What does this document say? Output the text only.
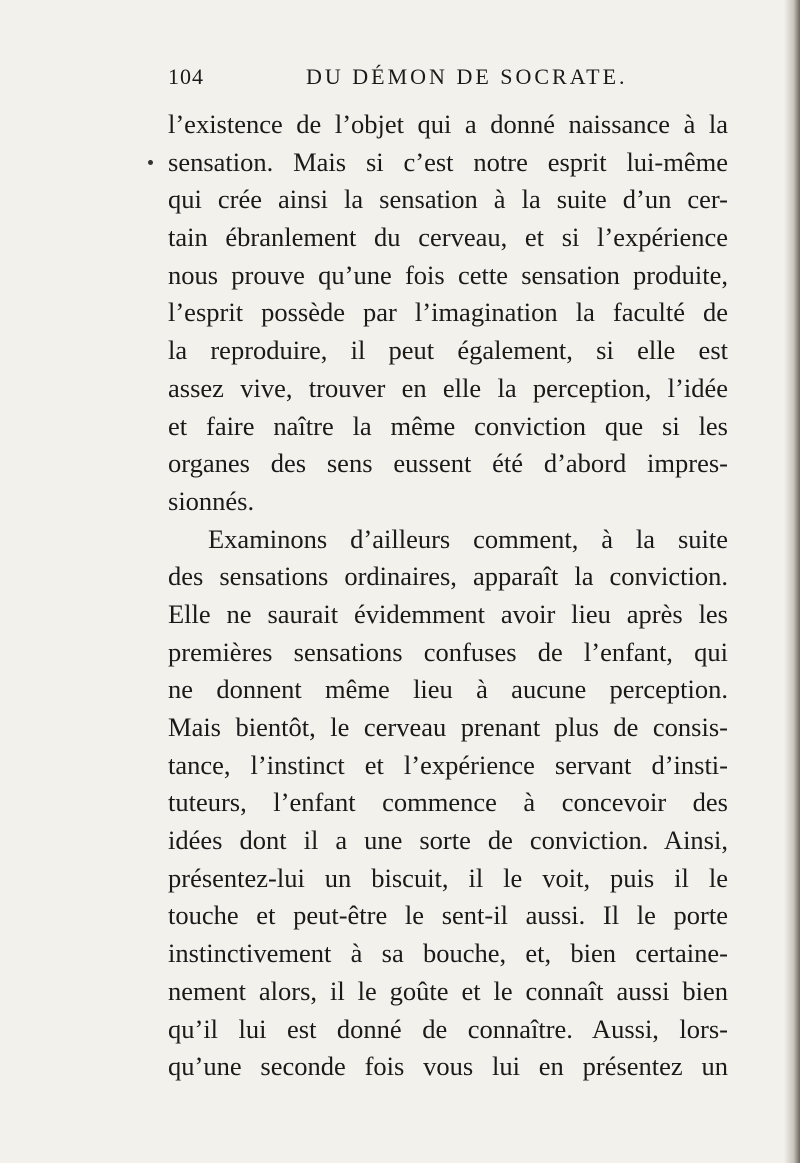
104	DU DÉMON DE SOCRATE.
l’existence de l’objet qui a donné naissance à la
sensation. Mais si c’est notre esprit lui-même
qui crée ainsi la sensation à la suite d’un cer-
tain ébranlement du cerveau, et si l’expérience
nous prouve qu’une fois cette sensation produite,
l’esprit possède par l’imagination la faculté de
la reproduire, il peut également, si elle est
assez vive, trouver en elle la perception, l’idée
et faire naître la même conviction que si les
organes des sens eussent été d’abord impres-
sionnés.
Examinons d’ailleurs comment, à la suite
des sensations ordinaires, apparaît la conviction.
Elle ne saurait évidemment avoir lieu après les
premières sensations confuses de l’enfant, qui
ne donnent même lieu à aucune perception.
Mais bientôt, le cerveau prenant plus de consis-
tance, l’instinct et l’expérience servant d’insti-
tuteurs, l’enfant commence à concevoir des
idées dont il a une sorte de conviction. Ainsi,
présentez-lui un biscuit, il le voit, puis il le
touche et peut-être le sent-il aussi. Il le porte
instinctivement à sa bouche, et, bien certaine-
nement alors, il le goûte et le connaît aussi bien
qu’il lui est donné de connaître. Aussi, lors-
qu’une seconde fois vous lui en présentez un
